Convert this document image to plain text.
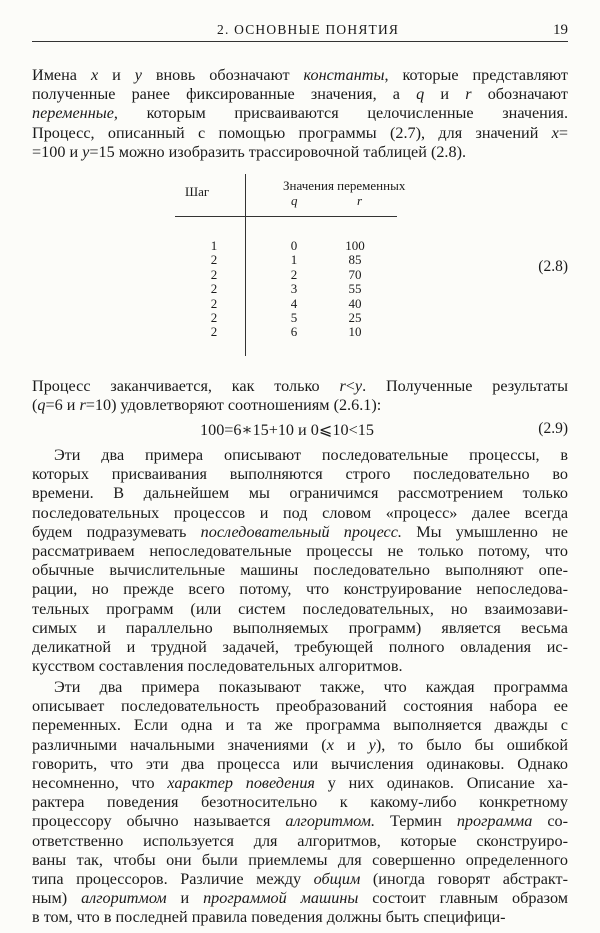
2. ОСНОВНЫЕ ПОНЯТИЯ	19
Имена x и y вновь обозначают константы, которые представляют
полученные ранее фиксированные значения, а q и r обозначают
переменные, которым присваиваются целочисленные значения.
Процесс, описанный с помощью программы (2.7), для значений x=
=100 и y=15 можно изобразить трассировочной таблицей (2.8).
Шаг	Значения переменных
q	r
1	0	100
2	1	85
2	2	70
2	3	55
2	4	40
2	5	25
2	6	10
(2.8)
Процесс заканчивается, как только r<y. Полученные результаты
(q=6 и r=10) удовлетворяют соотношениям (2.6.1):
100=6∗15+10 и 0⩽10<15	(2.9)
Эти два примера описывают последовательные процессы, в
которых присваивания выполняются строго последовательно во
времени. В дальнейшем мы ограничимся рассмотрением только
последовательных процессов и под словом «процесс» далее всегда
будем подразумевать последовательный процесс. Мы умышленно не
рассматриваем непоследовательные процессы не только потому, что
обычные вычислительные машины последовательно выполняют опе-
рации, но прежде всего потому, что конструирование непоследова-
тельных программ (или систем последовательных, но взаимозави-
симых и параллельно выполняемых программ) является весьма
деликатной и трудной задачей, требующей полного овладения ис-
кусством составления последовательных алгоритмов.
Эти два примера показывают также, что каждая программа
описывает последовательность преобразований состояния набора ее
переменных. Если одна и та же программа выполняется дважды с
различными начальными значениями (x и y), то было бы ошибкой
говорить, что эти два процесса или вычисления одинаковы. Однако
несомненно, что характер поведения у них одинаков. Описание ха-
рактера поведения безотносительно к какому-либо конкретному
процессору обычно называется алгоритмом. Термин программа со-
ответственно используется для алгоритмов, которые сконструиро-
ваны так, чтобы они были приемлемы для совершенно определенного
типа процессоров. Различие между общим (иногда говорят абстракт-
ным) алгоритмом и программой машины состоит главным образом
в том, что в последней правила поведения должны быть специфици-
